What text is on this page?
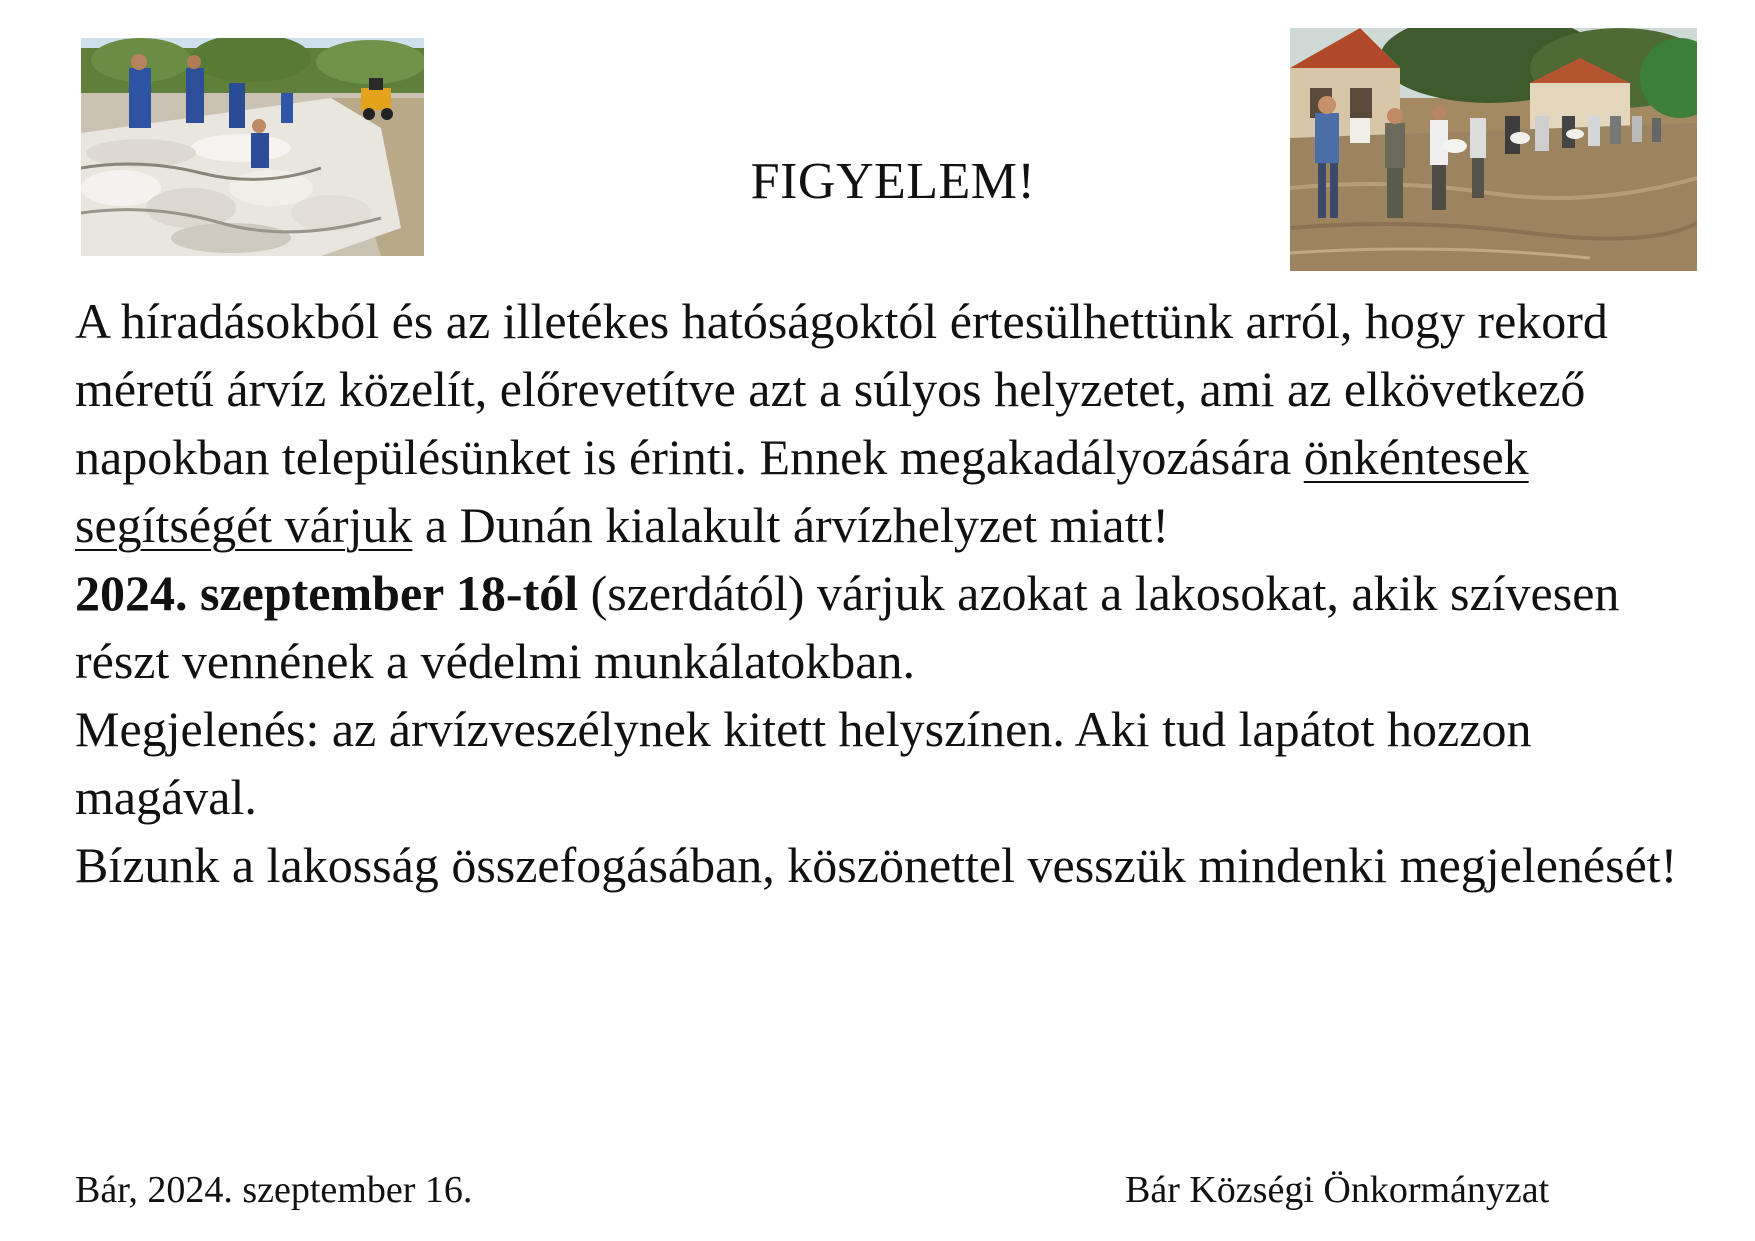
FIGYELEM!

A híradásokból és az illetékes hatóságoktól értesülhettünk arról, hogy rekord méretű árvíz közelít, előrevetítve azt a súlyos helyzetet, ami az elkövetkező napokban településünket is érinti. Ennek megakadályozására önkéntesek segítségét várjuk a Dunán kialakult árvízhelyzet miatt!

2024. szeptember 18-tól (szerdától) várjuk azokat a lakosokat, akik szívesen részt vennének a védelmi munkálatokban.

Megjelenés: az árvízveszélynek kitett helyszínen. Aki tud lapátot hozzon magával.

Bízunk a lakosság összefogásában, köszönettel vesszük mindenki megjelenését!

Bár, 2024. szeptember 16.	Bár Községi Önkormányzat
